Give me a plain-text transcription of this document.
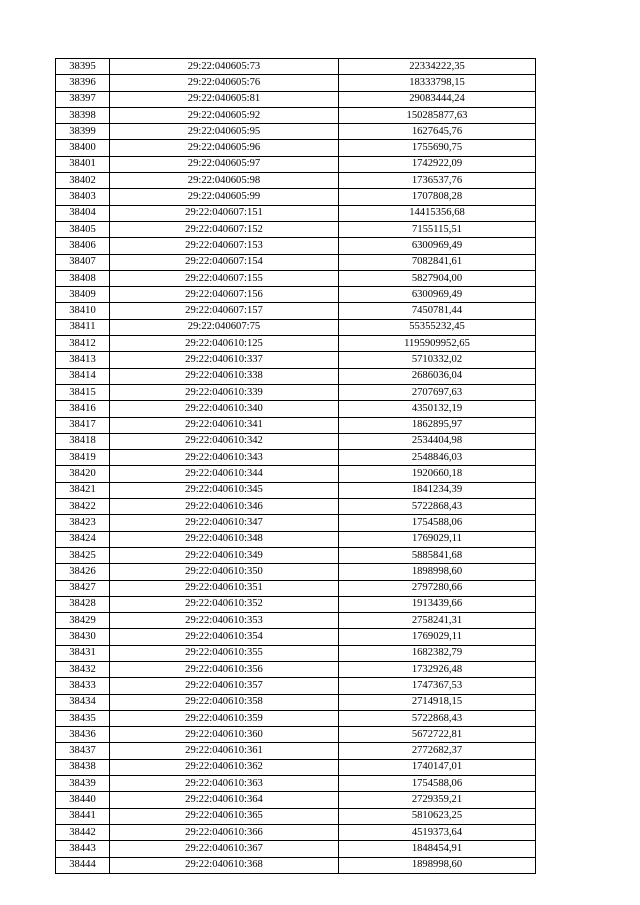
38395	29:22:040605:73	22334222,35
38396	29:22:040605:76	18333798,15
38397	29:22:040605:81	29083444,24
38398	29:22:040605:92	150285877,63
38399	29:22:040605:95	1627645,76
38400	29:22:040605:96	1755690,75
38401	29:22:040605:97	1742922,09
38402	29:22:040605:98	1736537,76
38403	29:22:040605:99	1707808,28
38404	29:22:040607:151	14415356,68
38405	29:22:040607:152	7155115,51
38406	29:22:040607:153	6300969,49
38407	29:22:040607:154	7082841,61
38408	29:22:040607:155	5827904,00
38409	29:22:040607:156	6300969,49
38410	29:22:040607:157	7450781,44
38411	29:22:040607:75	55355232,45
38412	29:22:040610:125	1195909952,65
38413	29:22:040610:337	5710332,02
38414	29:22:040610:338	2686036,04
38415	29:22:040610:339	2707697,63
38416	29:22:040610:340	4350132,19
38417	29:22:040610:341	1862895,97
38418	29:22:040610:342	2534404,98
38419	29:22:040610:343	2548846,03
38420	29:22:040610:344	1920660,18
38421	29:22:040610:345	1841234,39
38422	29:22:040610:346	5722868,43
38423	29:22:040610:347	1754588,06
38424	29:22:040610:348	1769029,11
38425	29:22:040610:349	5885841,68
38426	29:22:040610:350	1898998,60
38427	29:22:040610:351	2797280,66
38428	29:22:040610:352	1913439,66
38429	29:22:040610:353	2758241,31
38430	29:22:040610:354	1769029,11
38431	29:22:040610:355	1682382,79
38432	29:22:040610:356	1732926,48
38433	29:22:040610:357	1747367,53
38434	29:22:040610:358	2714918,15
38435	29:22:040610:359	5722868,43
38436	29:22:040610:360	5672722,81
38437	29:22:040610:361	2772682,37
38438	29:22:040610:362	1740147,01
38439	29:22:040610:363	1754588,06
38440	29:22:040610:364	2729359,21
38441	29:22:040610:365	5810623,25
38442	29:22:040610:366	4519373,64
38443	29:22:040610:367	1848454,91
38444	29:22:040610:368	1898998,60
